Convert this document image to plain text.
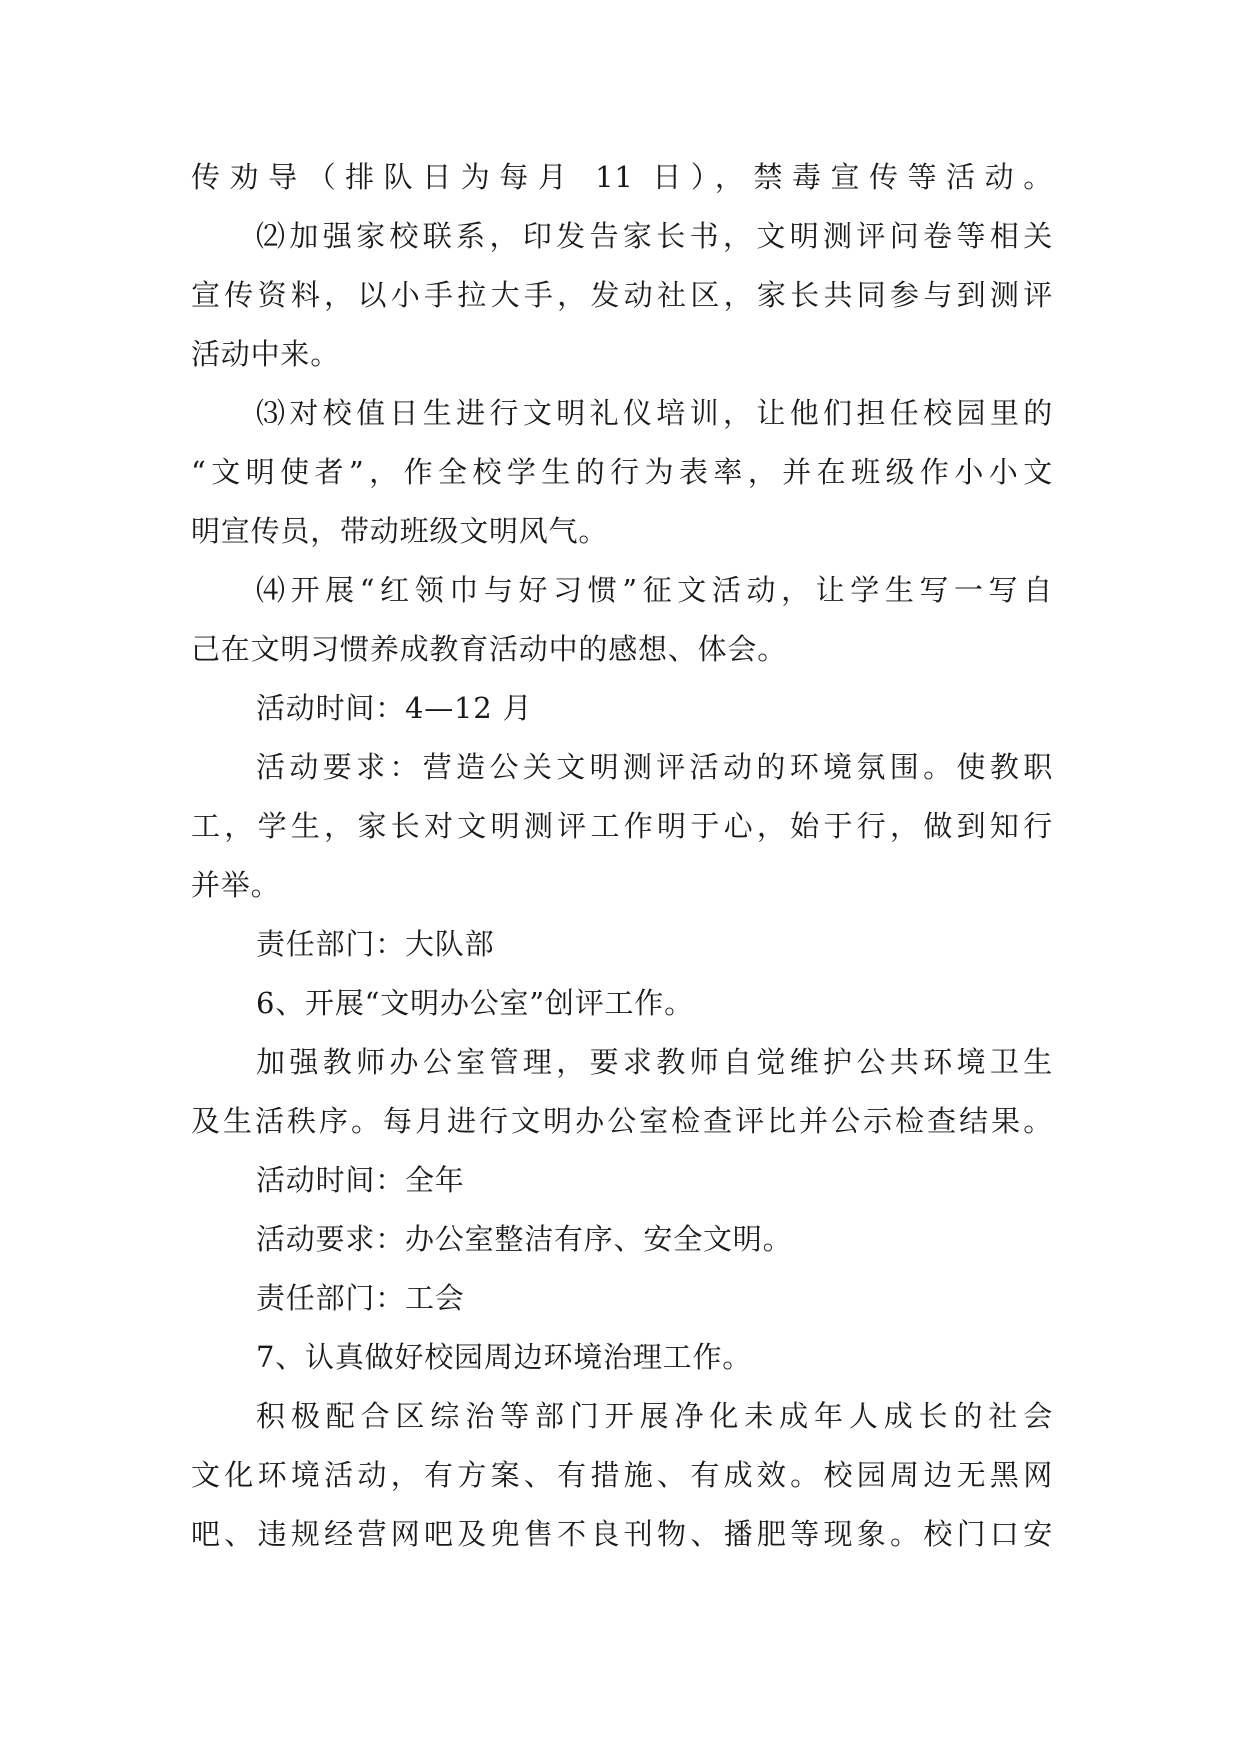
传劝导（排队日为每月 11 日），禁毒宣传等活动。
⑵加强家校联系，印发告家长书，文明测评问卷等相关
宣传资料，以小手拉大手，发动社区，家长共同参与到测评
活动中来。
⑶对校值日生进行文明礼仪培训，让他们担任校园里的
“文明使者”，作全校学生的行为表率，并在班级作小小文
明宣传员，带动班级文明风气。
⑷开展“红领巾与好习惯”征文活动，让学生写一写自
己在文明习惯养成教育活动中的感想、体会。
活动时间：4—12 月
活动要求：营造公关文明测评活动的环境氛围。使教职
工，学生，家长对文明测评工作明于心，始于行，做到知行
并举。
责任部门：大队部
6、开展“文明办公室”创评工作。
加强教师办公室管理，要求教师自觉维护公共环境卫生
及生活秩序。每月进行文明办公室检查评比并公示检查结果。
活动时间：全年
活动要求：办公室整洁有序、安全文明。
责任部门：工会
7、认真做好校园周边环境治理工作。
积极配合区综治等部门开展净化未成年人成长的社会
文化环境活动，有方案、有措施、有成效。校园周边无黑网
吧、违规经营网吧及兜售不良刊物、播肥等现象。校门口安
